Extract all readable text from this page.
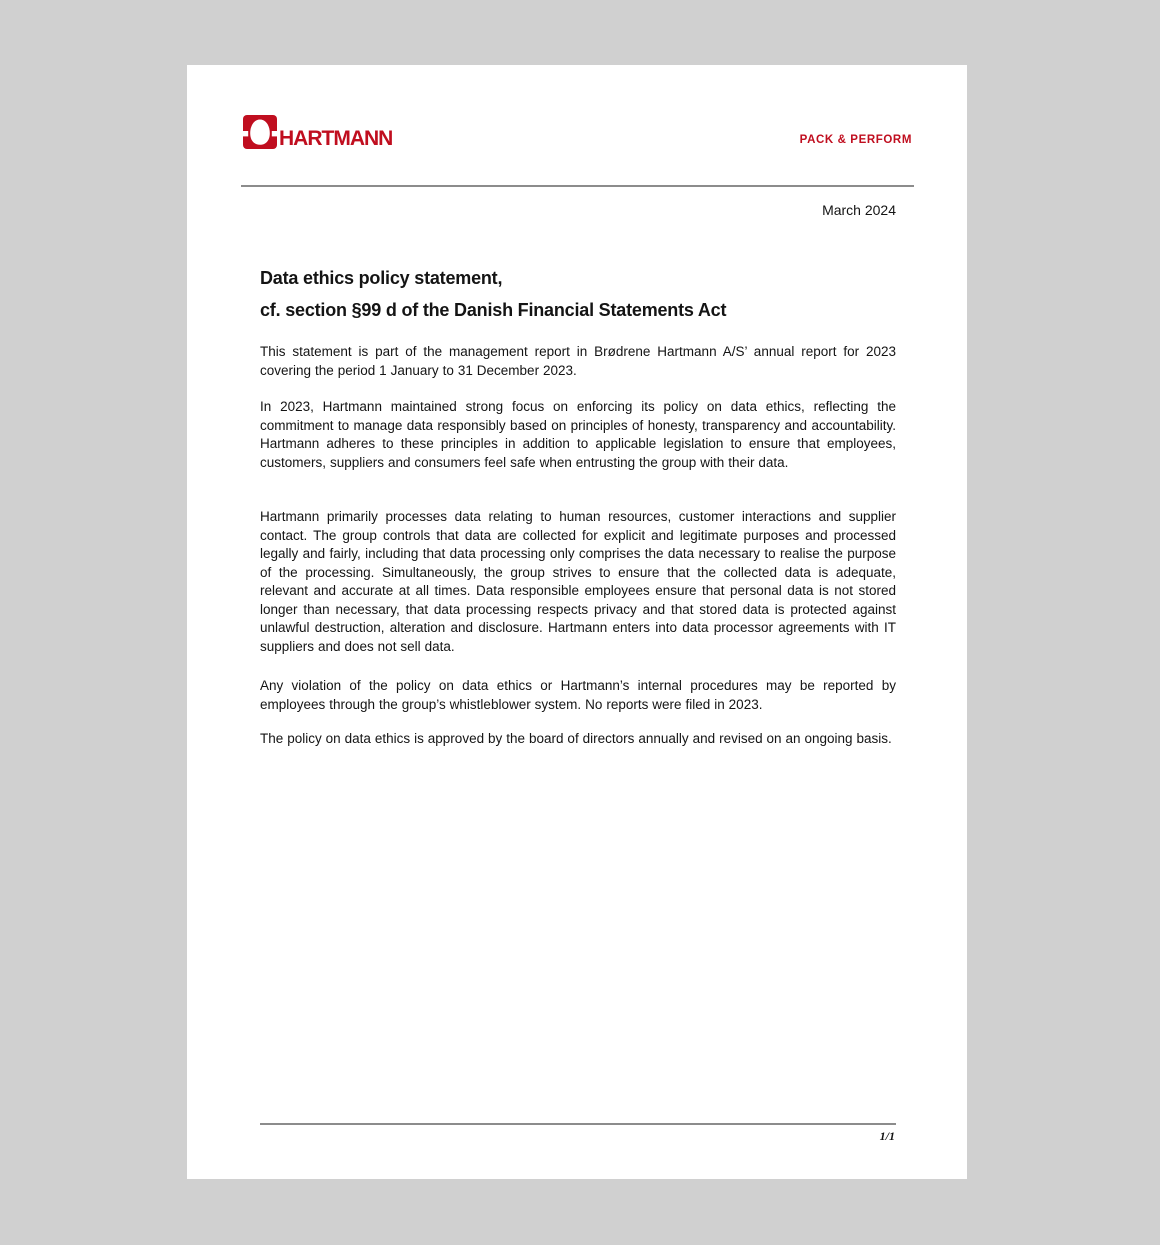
HARTMANN	PACK & PERFORM
March 2024
Data ethics policy statement,
cf. section §99 d of the Danish Financial Statements Act

This statement is part of the management report in Brødrene Hartmann A/S’ annual report for 2023 covering the period 1 January to 31 December 2023.

In 2023, Hartmann maintained strong focus on enforcing its policy on data ethics, reflecting the commitment to manage data responsibly based on principles of honesty, transparency and accountability. Hartmann adheres to these principles in addition to applicable legislation to ensure that employees, customers, suppliers and consumers feel safe when entrusting the group with their data.

Hartmann primarily processes data relating to human resources, customer interactions and supplier contact. The group controls that data are collected for explicit and legitimate purposes and processed legally and fairly, including that data processing only comprises the data necessary to realise the purpose of the processing. Simultaneously, the group strives to ensure that the collected data is adequate, relevant and accurate at all times. Data responsible employees ensure that personal data is not stored longer than necessary, that data processing respects privacy and that stored data is protected against unlawful destruction, alteration and disclosure. Hartmann enters into data processor agreements with IT suppliers and does not sell data.

Any violation of the policy on data ethics or Hartmann’s internal procedures may be reported by employees through the group’s whistleblower system. No reports were filed in 2023.

The policy on data ethics is approved by the board of directors annually and revised on an ongoing basis.

1/1
